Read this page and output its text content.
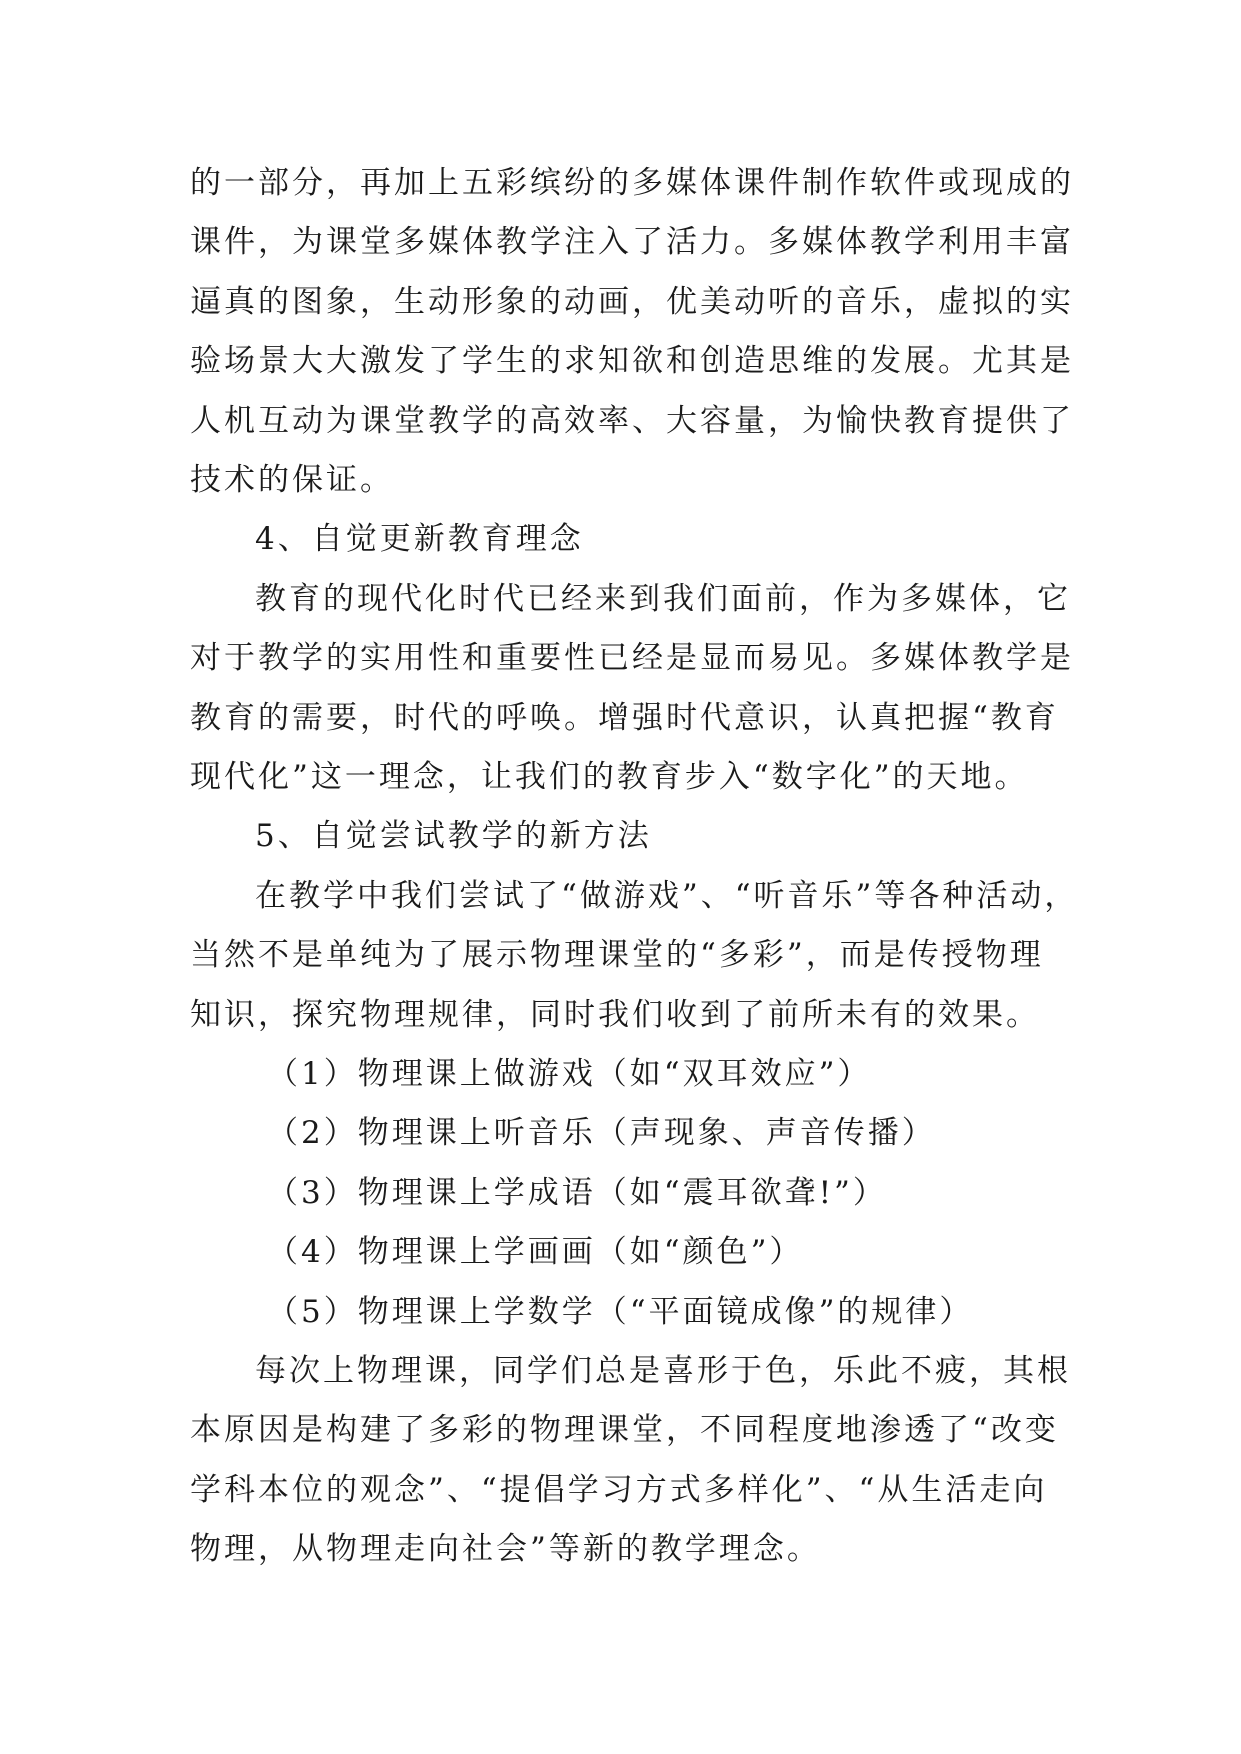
的一部分，再加上五彩缤纷的多媒体课件制作软件或现成的
课件，为课堂多媒体教学注入了活力。多媒体教学利用丰富
逼真的图象，生动形象的动画，优美动听的音乐，虚拟的实
验场景大大激发了学生的求知欲和创造思维的发展。尤其是
人机互动为课堂教学的高效率、大容量，为愉快教育提供了
技术的保证。
4、自觉更新教育理念
教育的现代化时代已经来到我们面前，作为多媒体，它
对于教学的实用性和重要性已经是显而易见。多媒体教学是
教育的需要，时代的呼唤。增强时代意识，认真把握“教育
现代化”这一理念，让我们的教育步入“数字化”的天地。
5、自觉尝试教学的新方法
在教学中我们尝试了“做游戏”、“听音乐”等各种活动，
当然不是单纯为了展示物理课堂的“多彩”，而是传授物理
知识，探究物理规律，同时我们收到了前所未有的效果。
（1）物理课上做游戏（如“双耳效应”）
（2）物理课上听音乐（声现象、声音传播）
（3）物理课上学成语（如“震耳欲聋!”）
（4）物理课上学画画（如“颜色”）
（5）物理课上学数学（“平面镜成像”的规律）
每次上物理课，同学们总是喜形于色，乐此不疲，其根
本原因是构建了多彩的物理课堂，不同程度地渗透了“改变
学科本位的观念”、“提倡学习方式多样化”、“从生活走向
物理，从物理走向社会”等新的教学理念。
